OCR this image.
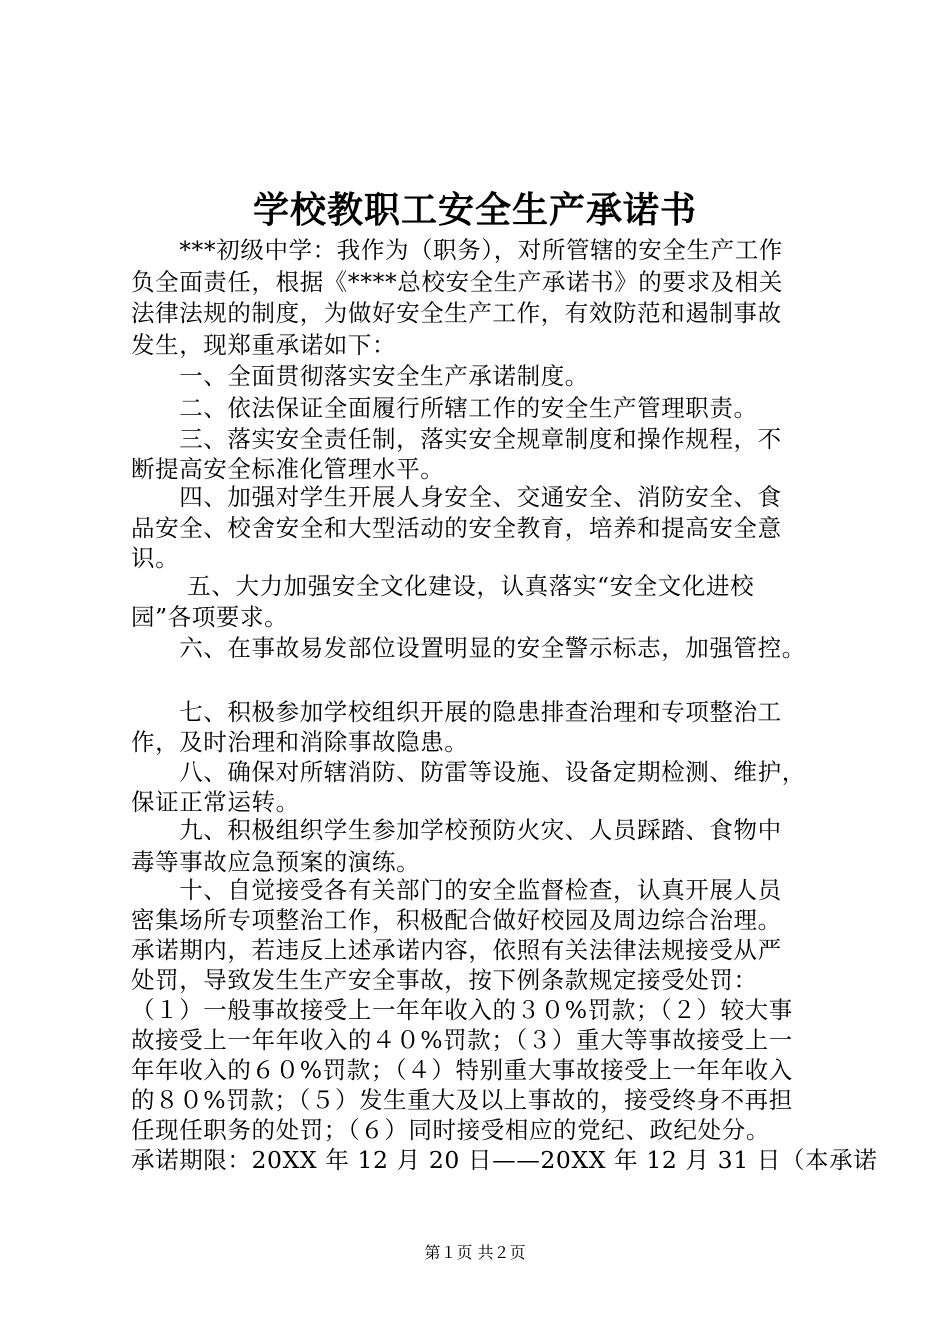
学校教职工安全生产承诺书

　　***初级中学：我作为（职务），对所管辖的安全生产工作

负全面责任，根据《****总校安全生产承诺书》的要求及相关

法律法规的制度，为做好安全生产工作，有效防范和遏制事故

发生，现郑重承诺如下：

　　一、全面贯彻落实安全生产承诺制度。

　　二、依法保证全面履行所辖工作的安全生产管理职责。

　　三、落实安全责任制，落实安全规章制度和操作规程，不

断提高安全标准化管理水平。

　　四、加强对学生开展人身安全、交通安全、消防安全、食

品安全、校舍安全和大型活动的安全教育，培养和提高安全意

识。

　　 五、大力加强安全文化建设，认真落实“安全文化进校

园”各项要求。

　　六、在事故易发部位设置明显的安全警示标志，加强管控。

　　七、积极参加学校组织开展的隐患排查治理和专项整治工

作，及时治理和消除事故隐患。

　　八、确保对所辖消防、防雷等设施、设备定期检测、维护，

保证正常运转。

　　九、积极组织学生参加学校预防火灾、人员踩踏、食物中

毒等事故应急预案的演练。

　　十、自觉接受各有关部门的安全监督检查，认真开展人员

密集场所专项整治工作，积极配合做好校园及周边综合治理。

承诺期内，若违反上述承诺内容，依照有关法律法规接受从严

处罚，导致发生生产安全事故，按下例条款规定接受处罚：

（１）一般事故接受上一年年收入的３０%罚款；（２）较大事

故接受上一年年收入的４０%罚款；（３）重大等事故接受上一

年年收入的６０%罚款；（４）特别重大事故接受上一年年收入

的８０%罚款；（５）发生重大及以上事故的，接受终身不再担

任现任职务的处罚；（６）同时接受相应的党纪、政纪处分。

承诺期限：20XX 年 12 月 20 日——20XX 年 12 月 31 日（本承诺

第１页 共２页
